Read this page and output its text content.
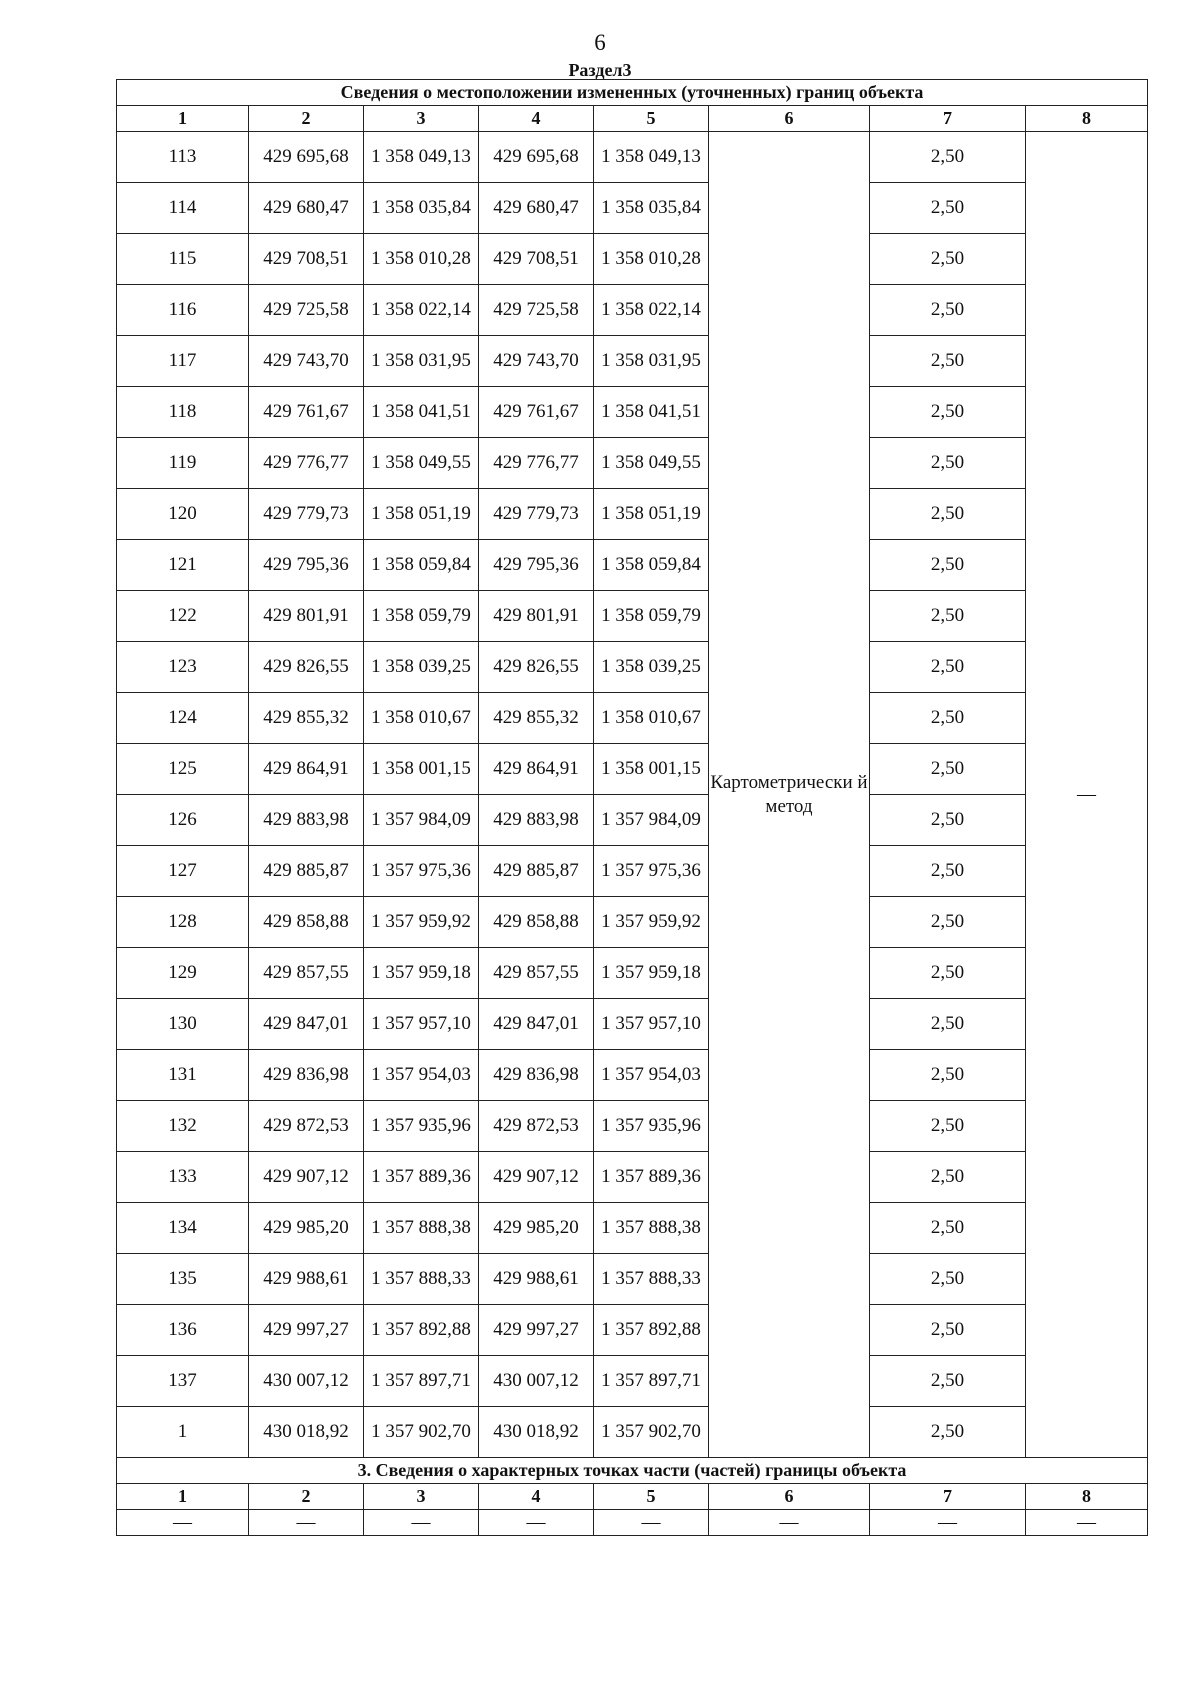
6
Раздел3
Сведения о местоположении измененных (уточненных) границ объекта							
1	2	3	4	5	6	7	8
113	429 695,68	1 358 049,13	429 695,68	1 358 049,13	Картометрически й метод	2,50	—
114	429 680,47	1 358 035,84	429 680,47	1 358 035,84		2,50	
115	429 708,51	1 358 010,28	429 708,51	1 358 010,28		2,50	
116	429 725,58	1 358 022,14	429 725,58	1 358 022,14		2,50	
117	429 743,70	1 358 031,95	429 743,70	1 358 031,95		2,50	
118	429 761,67	1 358 041,51	429 761,67	1 358 041,51		2,50	
119	429 776,77	1 358 049,55	429 776,77	1 358 049,55		2,50	
120	429 779,73	1 358 051,19	429 779,73	1 358 051,19		2,50	
121	429 795,36	1 358 059,84	429 795,36	1 358 059,84		2,50	
122	429 801,91	1 358 059,79	429 801,91	1 358 059,79		2,50	
123	429 826,55	1 358 039,25	429 826,55	1 358 039,25		2,50	
124	429 855,32	1 358 010,67	429 855,32	1 358 010,67		2,50	
125	429 864,91	1 358 001,15	429 864,91	1 358 001,15		2,50	
126	429 883,98	1 357 984,09	429 883,98	1 357 984,09		2,50	
127	429 885,87	1 357 975,36	429 885,87	1 357 975,36		2,50	
128	429 858,88	1 357 959,92	429 858,88	1 357 959,92		2,50	
129	429 857,55	1 357 959,18	429 857,55	1 357 959,18		2,50	
130	429 847,01	1 357 957,10	429 847,01	1 357 957,10		2,50	
131	429 836,98	1 357 954,03	429 836,98	1 357 954,03		2,50	
132	429 872,53	1 357 935,96	429 872,53	1 357 935,96		2,50	
133	429 907,12	1 357 889,36	429 907,12	1 357 889,36		2,50	
134	429 985,20	1 357 888,38	429 985,20	1 357 888,38		2,50	
135	429 988,61	1 357 888,33	429 988,61	1 357 888,33		2,50	
136	429 997,27	1 357 892,88	429 997,27	1 357 892,88		2,50	
137	430 007,12	1 357 897,71	430 007,12	1 357 897,71		2,50	
1	430 018,92	1 357 902,70	430 018,92	1 357 902,70		2,50	
3. Сведения о характерных точках части (частей) границы объекта							
1	2	3	4	5	6	7	8
—	—	—	—	—	—	—	—
